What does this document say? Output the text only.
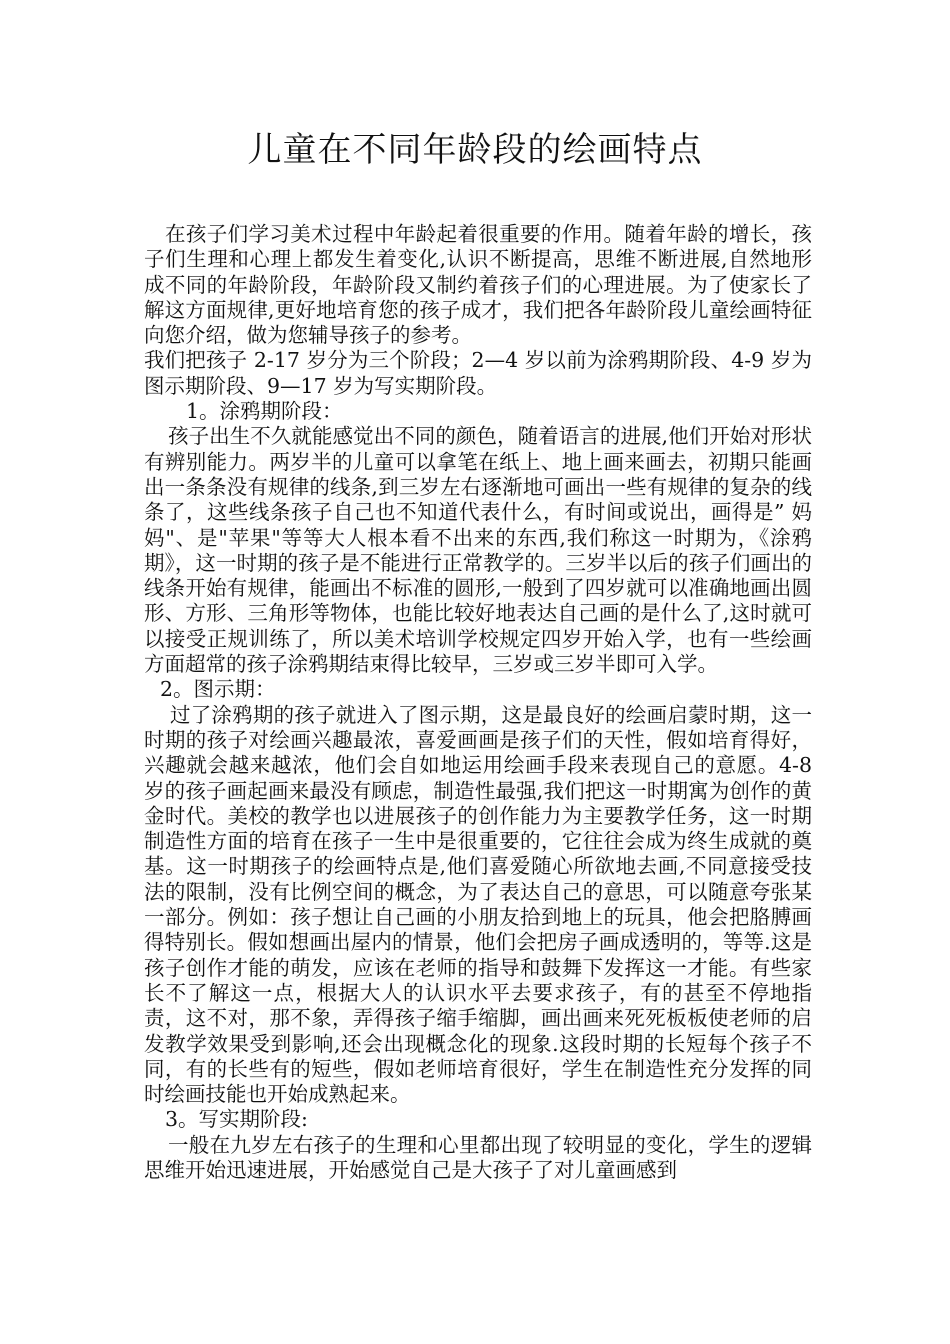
儿童在不同年龄段的绘画特点

在孩子们学习美术过程中年龄起着很重要的作用。随着年龄的增长，孩子们生理和心理上都发生着变化,认识不断提高，思维不断进展,自然地形成不同的年龄阶段，年龄阶段又制约着孩子们的心理进展。为了使家长了解这方面规律,更好地培育您的孩子成才，我们把各年龄阶段儿童绘画特征向您介绍，做为您辅导孩子的参考。

我们把孩子 2-17 岁分为三个阶段；2—4 岁以前为涂鸦期阶段、4-9 岁为图示期阶段、9—17 岁为写实期阶段。

1。涂鸦期阶段：

孩子出生不久就能感觉出不同的颜色，随着语言的进展,他们开始对形状有辨别能力。两岁半的儿童可以拿笔在纸上、地上画来画去，初期只能画出一条条没有规律的线条,到三岁左右逐渐地可画出一些有规律的复杂的线条了，这些线条孩子自己也不知道代表什么，有时间或说出，画得是” 妈妈"、是"苹果"等等大人根本看不出来的东西,我们称这一时期为，《涂鸦期》，这一时期的孩子是不能进行正常教学的。三岁半以后的孩子们画出的线条开始有规律，能画出不标准的圆形,一般到了四岁就可以准确地画出圆形、方形、三角形等物体，也能比较好地表达自己画的是什么了,这时就可以接受正规训练了，所以美术培训学校规定四岁开始入学，也有一些绘画方面超常的孩子涂鸦期结束得比较早，三岁或三岁半即可入学。

2。图示期：

过了涂鸦期的孩子就进入了图示期，这是最良好的绘画启蒙时期，这一时期的孩子对绘画兴趣最浓，喜爱画画是孩子们的天性，假如培育得好，兴趣就会越来越浓，他们会自如地运用绘画手段来表现自己的意愿。4-8 岁的孩子画起画来最没有顾虑，制造性最强,我们把这一时期寓为创作的黄金时代。美校的教学也以进展孩子的创作能力为主要教学任务，这一时期制造性方面的培育在孩子一生中是很重要的，它往往会成为终生成就的奠基。这一时期孩子的绘画特点是,他们喜爱随心所欲地去画,不同意接受技法的限制，没有比例空间的概念，为了表达自己的意思，可以随意夸张某一部分。例如：孩子想让自己画的小朋友拾到地上的玩具，他会把胳膊画得特别长。假如想画出屋内的情景，他们会把房子画成透明的，等等.这是孩子创作才能的萌发，应该在老师的指导和鼓舞下发挥这一才能。有些家长不了解这一点，根据大人的认识水平去要求孩子，有的甚至不停地指责，这不对，那不象，弄得孩子缩手缩脚，画出画来死死板板使老师的启发教学效果受到影响,还会出现概念化的现象.这段时期的长短每个孩子不同，有的长些有的短些，假如老师培育很好，学生在制造性充分发挥的同时绘画技能也开始成熟起来。

3。写实期阶段:

一般在九岁左右孩子的生理和心里都出现了较明显的变化，学生的逻辑思维开始迅速进展，开始感觉自己是大孩子了对儿童画感到
